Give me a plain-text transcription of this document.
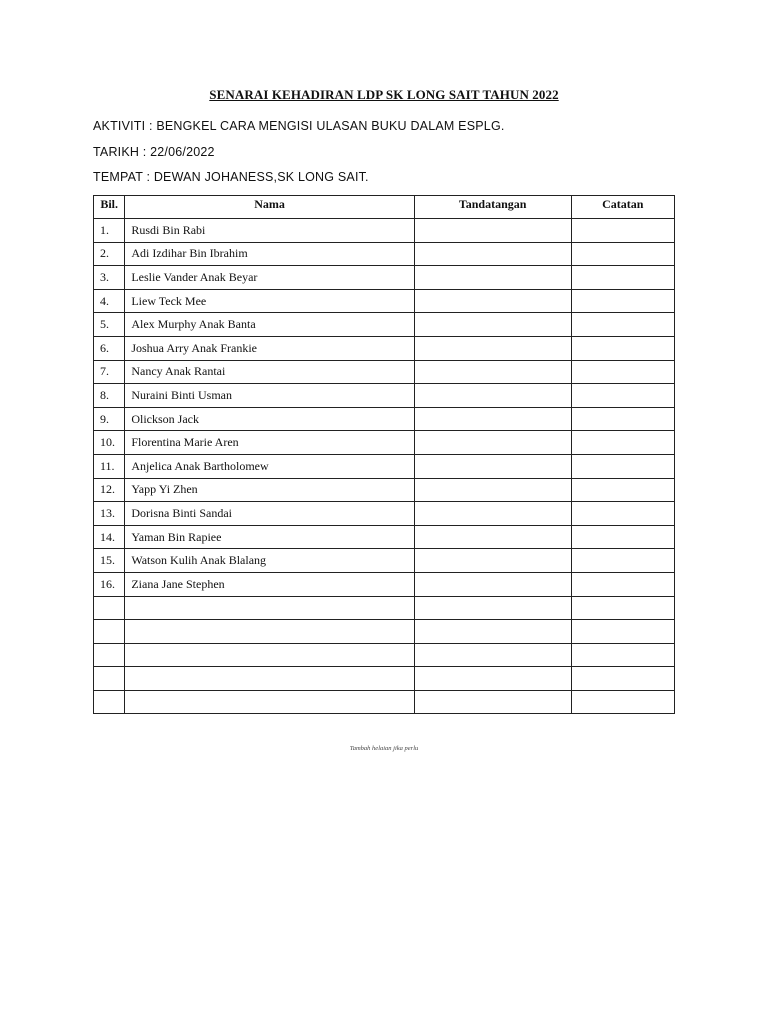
SENARAI KEHADIRAN LDP SK LONG SAIT TAHUN 2022
AKTIVITI : BENGKEL CARA MENGISI ULASAN BUKU DALAM ESPLG.
TARIKH : 22/06/2022
TEMPAT : DEWAN JOHANESS,SK LONG SAIT.
Bil.	Nama	Tandatangan	Catatan
1.	Rusdi Bin Rabi		
2.	Adi Izdihar Bin Ibrahim		
3.	Leslie Vander Anak Beyar		
4.	Liew Teck Mee		
5.	Alex Murphy Anak Banta		
6.	Joshua Arry Anak Frankie		
7.	Nancy Anak Rantai		
8.	Nuraini Binti Usman		
9.	Olickson Jack		
10.	Florentina Marie Aren		
11.	Anjelica Anak Bartholomew		
12.	Yapp Yi Zhen		
13.	Dorisna Binti Sandai		
14.	Yaman Bin Rapiee		
15.	Watson Kulih Anak Blalang		
16.	Ziana Jane Stephen		

Tambah helaian jika perlu
